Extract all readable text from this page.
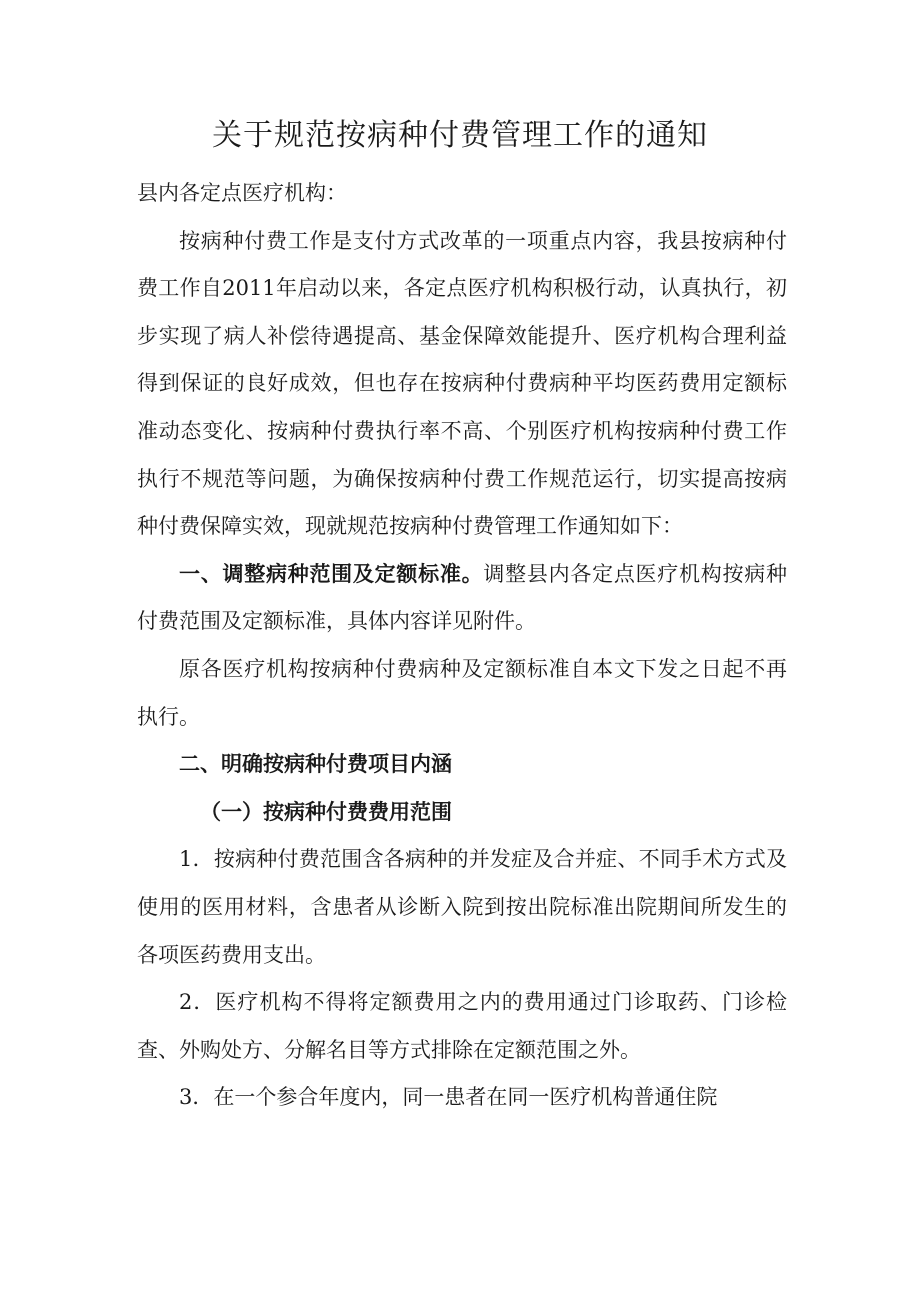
关于规范按病种付费管理工作的通知

县内各定点医疗机构：

按病种付费工作是支付方式改革的一项重点内容，我县按病种付费工作自2011年启动以来，各定点医疗机构积极行动，认真执行，初步实现了病人补偿待遇提高、基金保障效能提升、医疗机构合理利益得到保证的良好成效，但也存在按病种付费病种平均医药费用定额标准动态变化、按病种付费执行率不高、个别医疗机构按病种付费工作执行不规范等问题，为确保按病种付费工作规范运行，切实提高按病种付费保障实效，现就规范按病种付费管理工作通知如下：

一、调整病种范围及定额标准。调整县内各定点医疗机构按病种付费范围及定额标准，具体内容详见附件。

原各医疗机构按病种付费病种及定额标准自本文下发之日起不再执行。

二、明确按病种付费项目内涵

（一）按病种付费费用范围

1．按病种付费范围含各病种的并发症及合并症、不同手术方式及使用的医用材料，含患者从诊断入院到按出院标准出院期间所发生的各项医药费用支出。

2．医疗机构不得将定额费用之内的费用通过门诊取药、门诊检查、外购处方、分解名目等方式排除在定额范围之外。

3．在一个参合年度内，同一患者在同一医疗机构普通住院
